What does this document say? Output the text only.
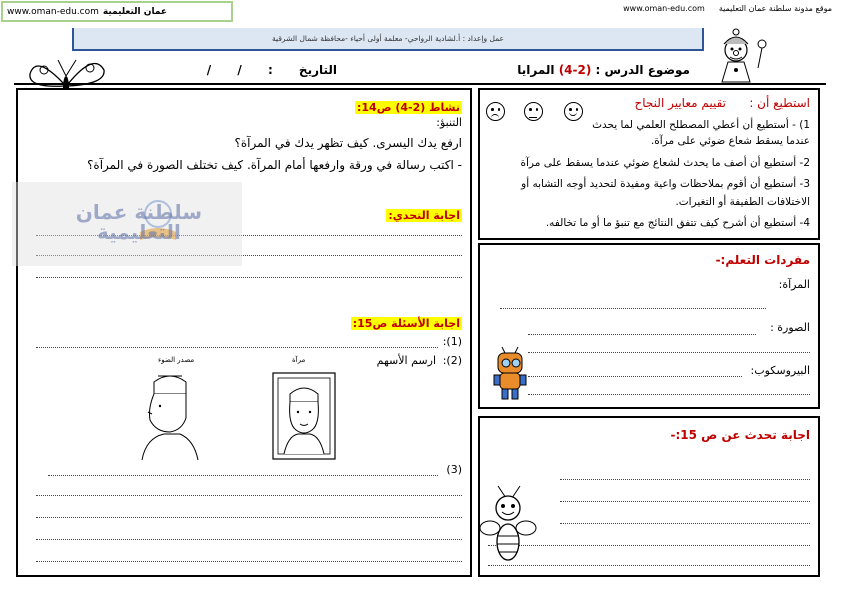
www.oman-edu.com عمان التعليمية	موقع مدونة سلطنة عمان التعليمية
www.oman-edu.com
عمل وإعداد : أ.لشادية الرواحي- معلمة أولى أحياء -محافظة شمال الشرقية
موضوع الدرس : (2-4) المرايا
التاريخ : / /
نشاط (2-4) ص14:
التنبؤ:
ارفع يدك اليسرى. كيف تظهر يدك في المرآة؟
- اكتب رسالة في ورقة وارفعها أمام المرآة. كيف تختلف الصورة في المرآة؟
اجابة التحدي:
اجابة الأسئلة ص15:
(1):
(2):
ارسم الأسهم
مرآة
مصدر الضوء
(3)
سلطنة عمان
التعليمية
استطيع أن :
تقييم معايير النجاح
1) - أستطيع أن أعطي المصطلح العلمي لما يحدث عندما يسقط شعاع ضوئي على مرآة.
2- أستطيع أن أصف ما يحدث لشعاع ضوئي عندما يسقط على مرآة
3- أستطيع أن أقوم بملاحظات واعية ومفيدة لتحديد أوجه التشابه أو الاختلافات الطفيفة أو التغيرات.
4- أستطيع أن أشرح كيف تتفق النتائج مع تنبؤ ما أو ما تخالفه.
مفردات التعلم:-
المرآة:
الصورة :
البيروسكوب:
اجابة تحدث عن ص 15:-
